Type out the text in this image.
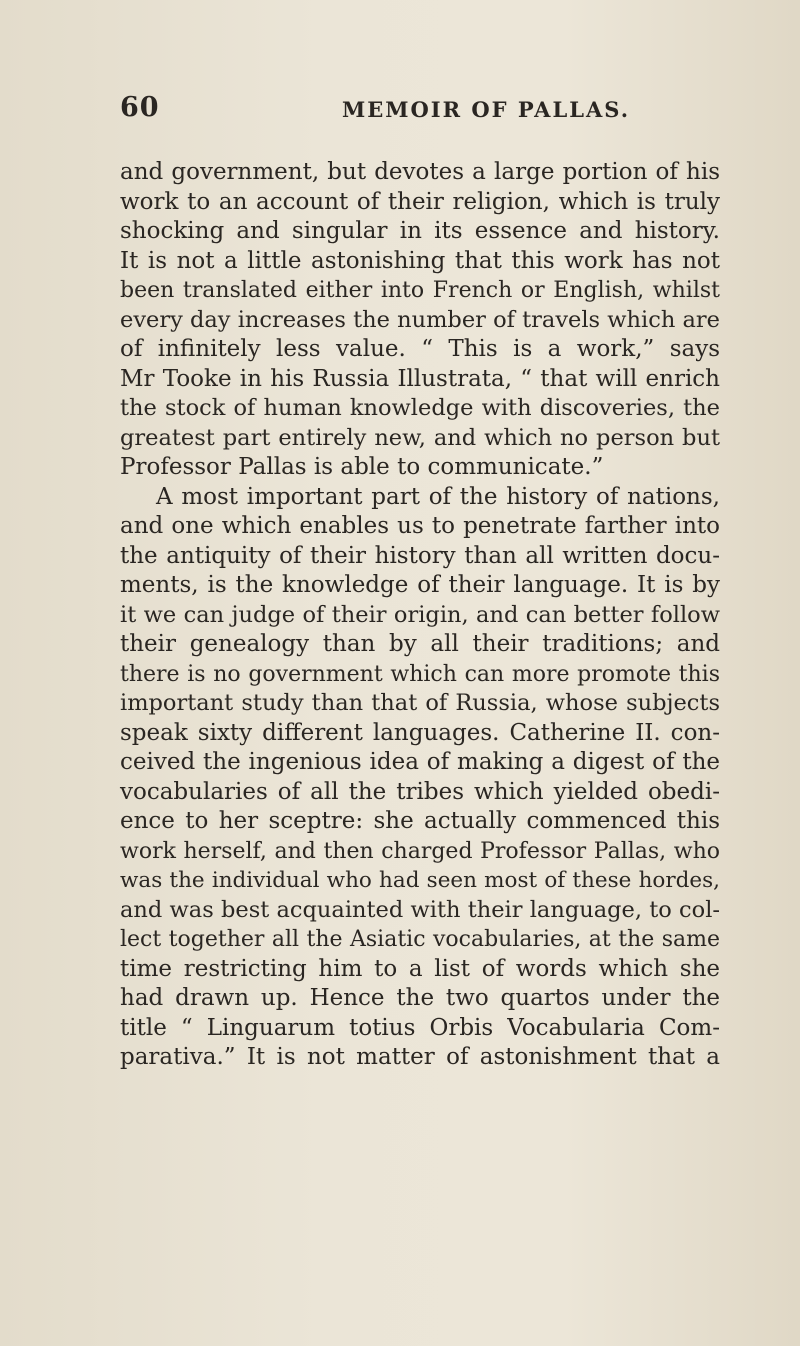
60	MEMOIR OF PALLAS.
and government, but devotes a large portion of his
work to an account of their religion, which is truly
shocking and singular in its essence and history.
It is not a little astonishing that this work has not
been translated either into French or English, whilst
every day increases the number of travels which are
of infinitely less value. “ This is a work,” says
Mr Tooke in his Russia Illustrata, “ that will enrich
the stock of human knowledge with discoveries, the
greatest part entirely new, and which no person but
Professor Pallas is able to communicate.”
A most important part of the history of nations,
and one which enables us to penetrate farther into
the antiquity of their history than all written docu-
ments, is the knowledge of their language. It is by
it we can judge of their origin, and can better follow
their genealogy than by all their traditions; and
there is no government which can more promote this
important study than that of Russia, whose subjects
speak sixty different languages. Catherine II. con-
ceived the ingenious idea of making a digest of the
vocabularies of all the tribes which yielded obedi-
ence to her sceptre: she actually commenced this
work herself, and then charged Professor Pallas, who
was the individual who had seen most of these hordes,
and was best acquainted with their language, to col-
lect together all the Asiatic vocabularies, at the same
time restricting him to a list of words which she
had drawn up. Hence the two quartos under the
title “ Linguarum totius Orbis Vocabularia Com-
parativa.” It is not matter of astonishment that a
